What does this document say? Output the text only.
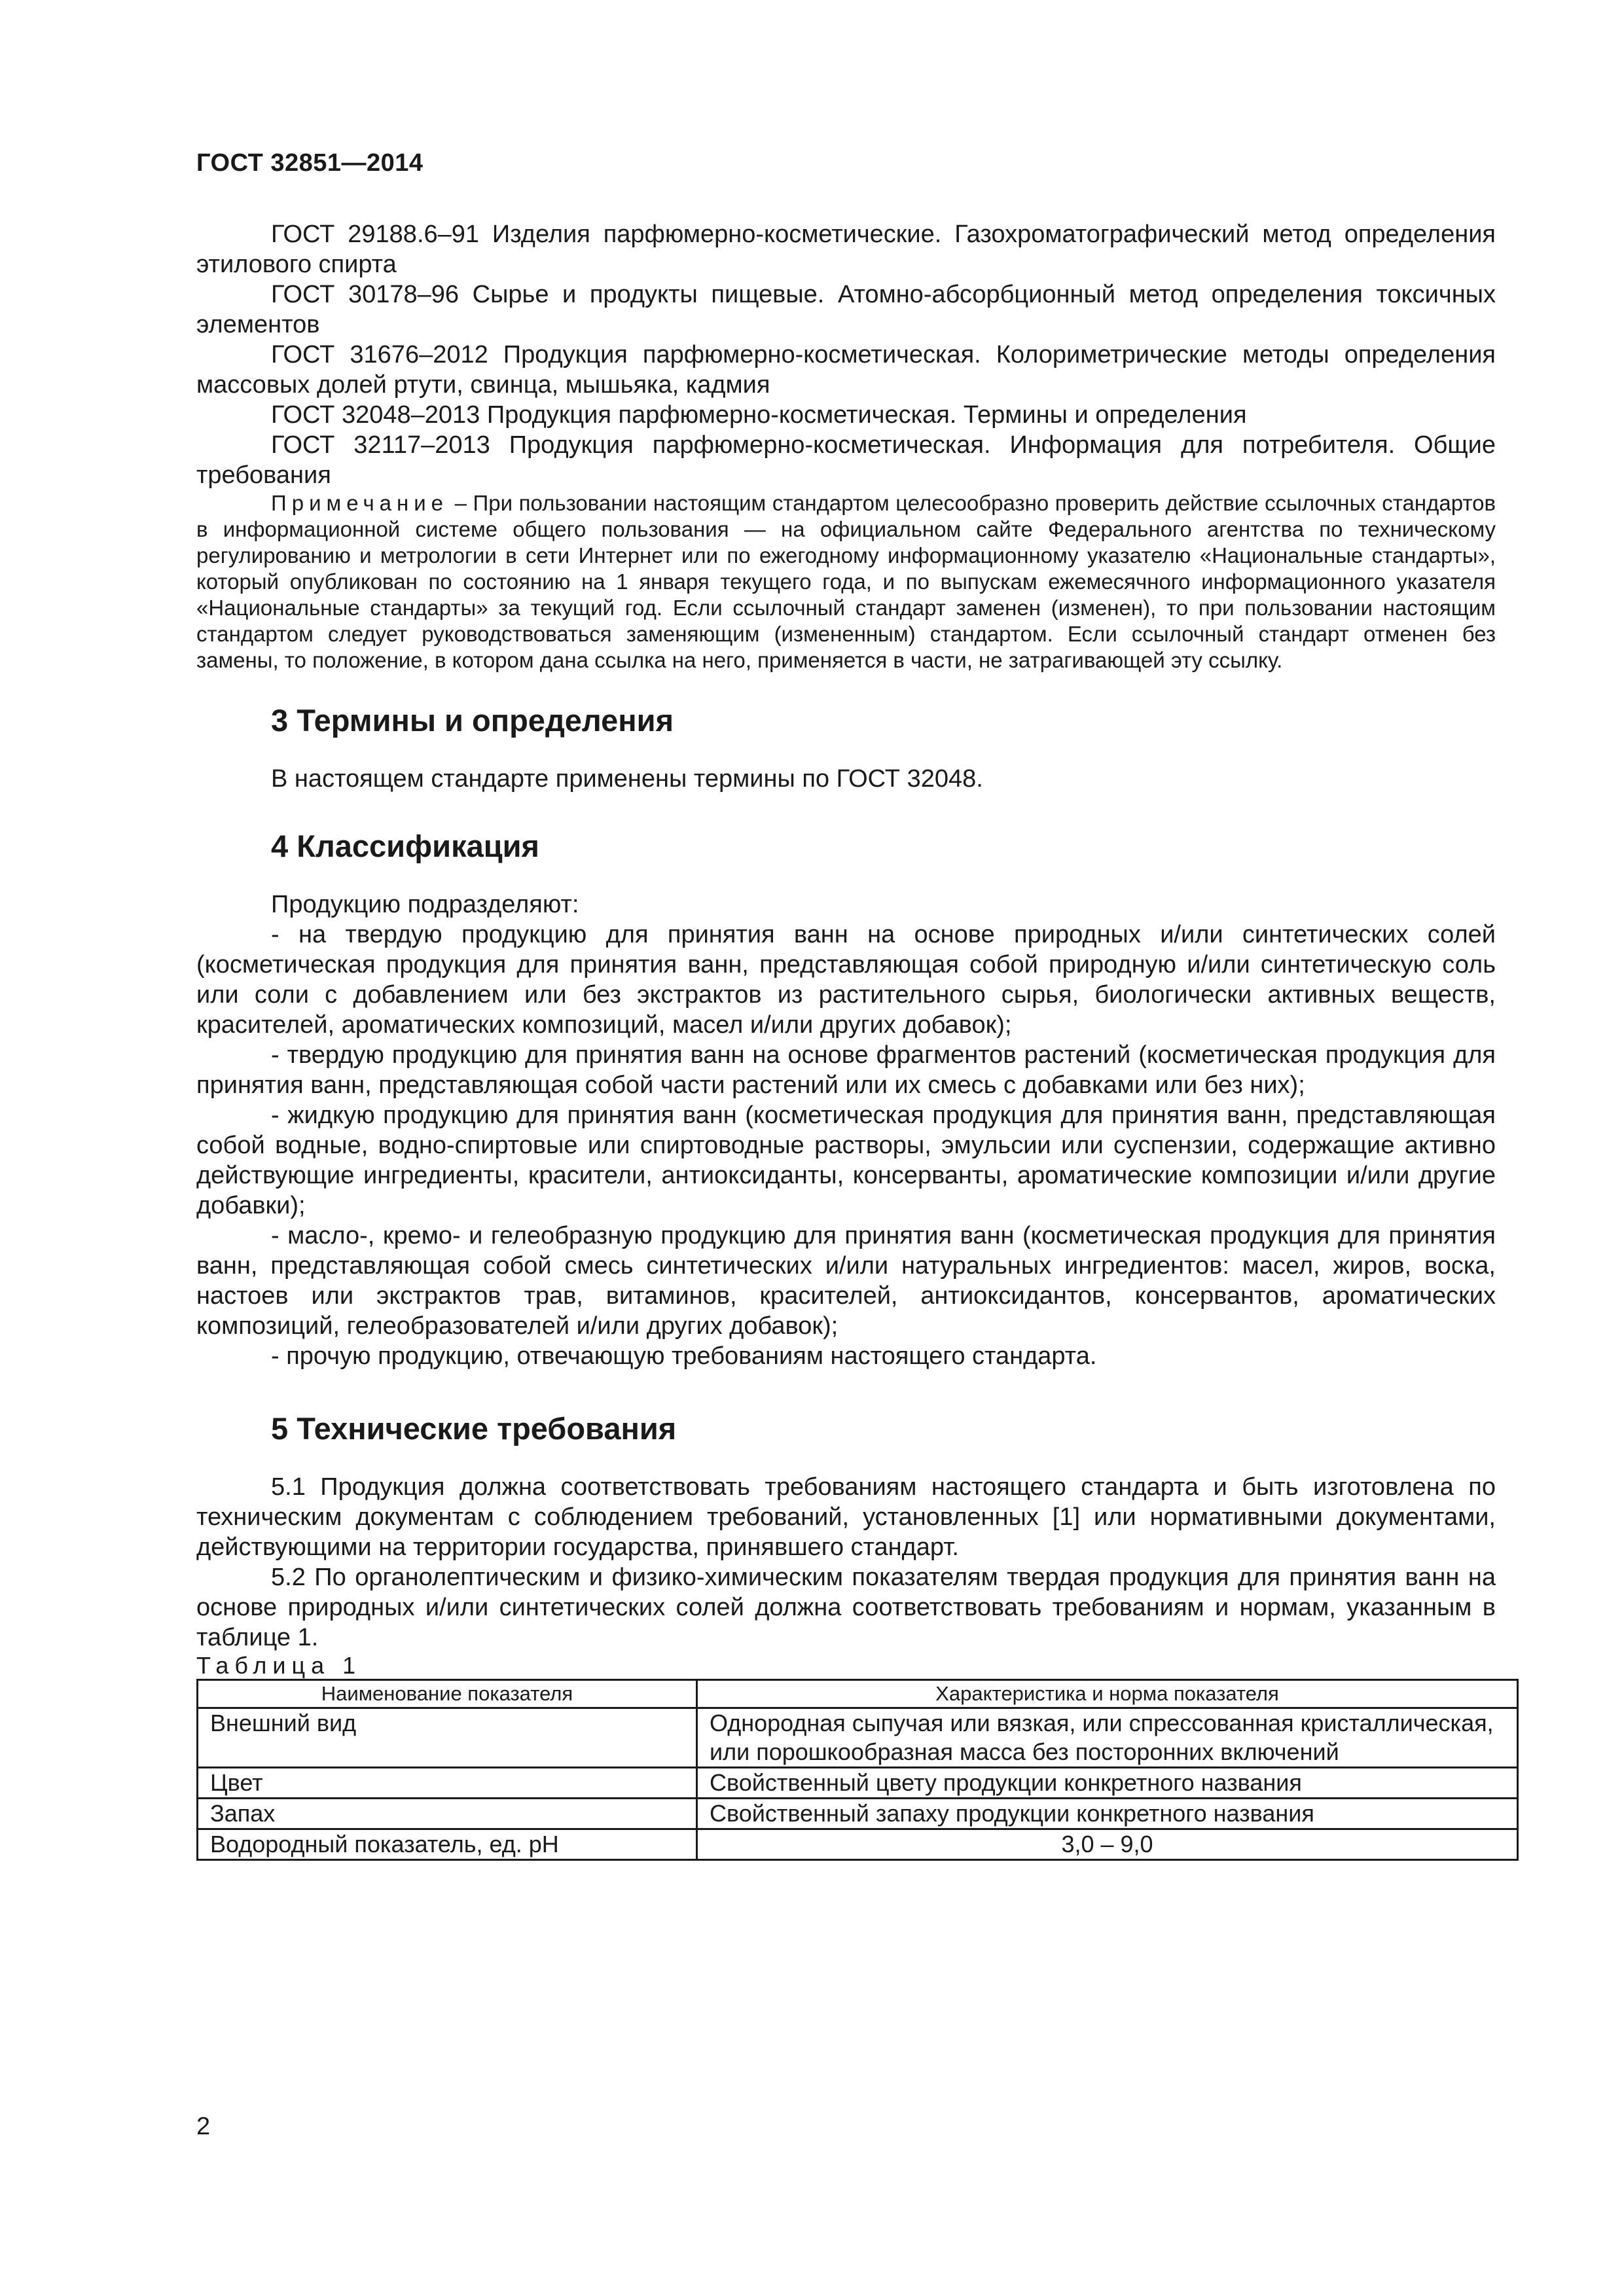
ГОСТ 32851—2014

ГОСТ 29188.6–91 Изделия парфюмерно-косметические. Газохроматографический метод определения этилового спирта

ГОСТ 30178–96 Сырье и продукты пищевые. Атомно-абсорбционный метод определения токсичных элементов

ГОСТ 31676–2012 Продукция парфюмерно-косметическая. Колориметрические методы определения массовых долей ртути, свинца, мышьяка, кадмия

ГОСТ 32048–2013 Продукция парфюмерно-косметическая. Термины и определения

ГОСТ 32117–2013 Продукция парфюмерно-косметическая. Информация для потребителя. Общие требования

Примечание – При пользовании настоящим стандартом целесообразно проверить действие ссылочных стандартов в информационной системе общего пользования — на официальном сайте Федерального агентства по техническому регулированию и метрологии в сети Интернет или по ежегодному информационному указателю «Национальные стандарты», который опубликован по состоянию на 1 января текущего года, и по выпускам ежемесячного информационного указателя «Национальные стандарты» за текущий год. Если ссылочный стандарт заменен (изменен), то при пользовании настоящим стандартом следует руководствоваться заменяющим (измененным) стандартом. Если ссылочный стандарт отменен без замены, то положение, в котором дана ссылка на него, применяется в части, не затрагивающей эту ссылку.

3 Термины и определения

В настоящем стандарте применены термины по ГОСТ 32048.

4 Классификация

Продукцию подразделяют:

- на твердую продукцию для принятия ванн на основе природных и/или синтетических солей (косметическая продукция для принятия ванн, представляющая собой природную и/или синтетическую соль или соли с добавлением или без экстрактов из растительного сырья, биологически активных веществ, красителей, ароматических композиций, масел и/или других добавок);

- твердую продукцию для принятия ванн на основе фрагментов растений (косметическая продукция для принятия ванн, представляющая собой части растений или их смесь с добавками или без них);

- жидкую продукцию для принятия ванн (косметическая продукция для принятия ванн, представляющая собой водные, водно-спиртовые или спиртоводные растворы, эмульсии или суспензии, содержащие активно действующие ингредиенты, красители, антиоксиданты, консерванты, ароматические композиции и/или другие добавки);

- масло-, кремо- и гелеобразную продукцию для принятия ванн (косметическая продукция для принятия ванн, представляющая собой смесь синтетических и/или натуральных ингредиентов: масел, жиров, воска, настоев или экстрактов трав, витаминов, красителей, антиоксидантов, консервантов, ароматических композиций, гелеобразователей и/или других добавок);

- прочую продукцию, отвечающую требованиям настоящего стандарта.

5 Технические требования

5.1 Продукция должна соответствовать требованиям настоящего стандарта и быть изготовлена по техническим документам с соблюдением требований, установленных [1] или нормативными документами, действующими на территории государства, принявшего стандарт.

5.2 По органолептическим и физико-химическим показателям твердая продукция для принятия ванн на основе природных и/или синтетических солей должна соответствовать требованиям и нормам, указанным в таблице 1.

Таблица 1

Наименование показателя	Характеристика и норма показателя
Внешний вид	Однородная сыпучая или вязкая, или спрессованная кристаллическая, или порошкообразная масса без посторонних включений
Цвет	Свойственный цвету продукции конкретного названия
Запах	Свойственный запаху продукции конкретного названия
Водородный показатель, ед. pH	3,0 – 9,0
2
